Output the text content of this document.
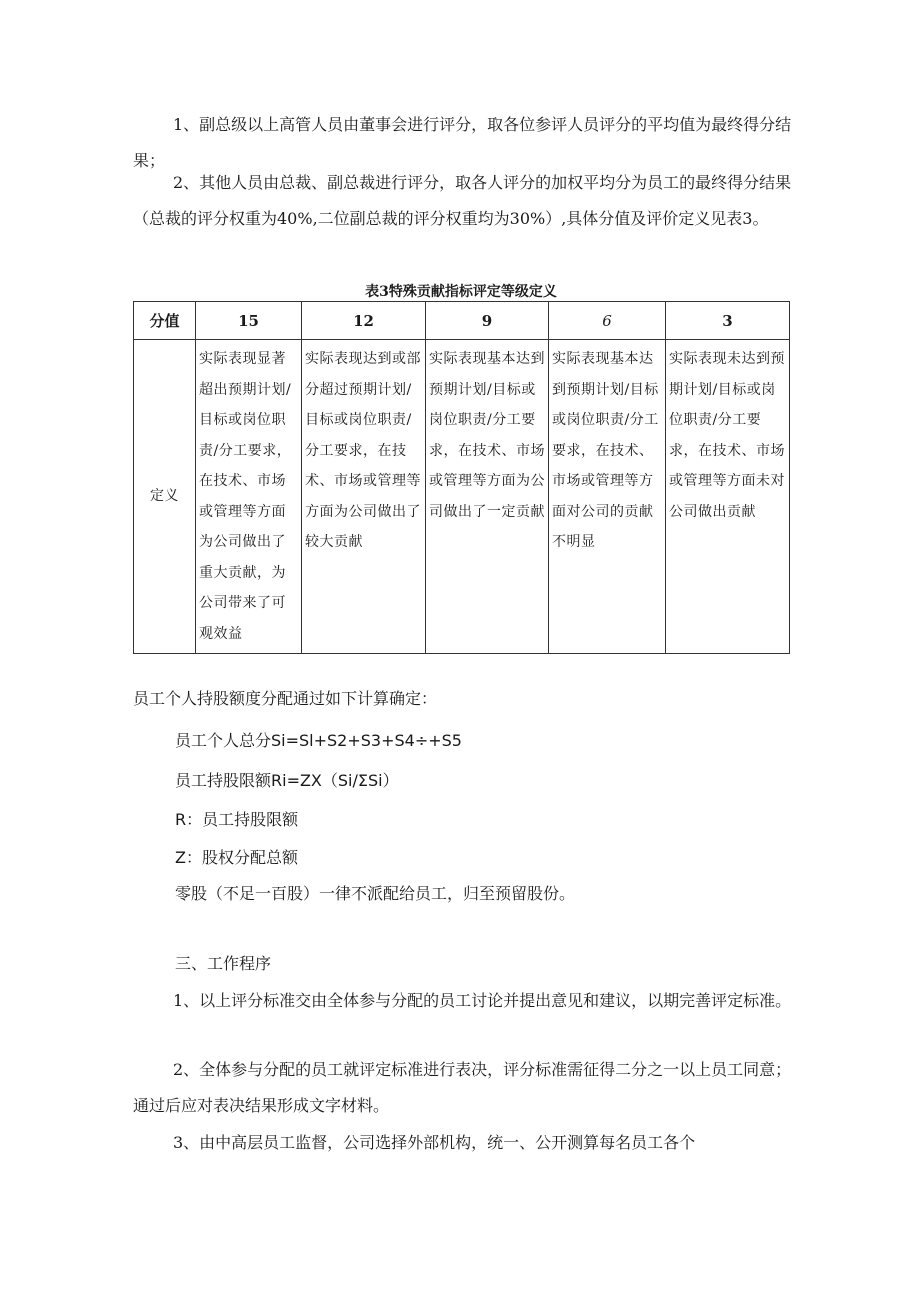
1、副总级以上高管人员由董事会进行评分，取各位参评人员评分的平均值为最终得分结果；

2、其他人员由总裁、副总裁进行评分，取各人评分的加权平均分为员工的最终得分结果（总裁的评分权重为40%,二位副总裁的评分权重均为30%）,具体分值及评价定义见表3。

表3特殊贡献指标评定等级定义

分值	15	12	9	6	3
定义	实际表现显著超出预期计划/目标或岗位职责/分工要求，在技术、市场或管理等方面为公司做出了重大贡献，为公司带来了可观效益	实际表现达到或部分超过预期计划/目标或岗位职责/分工要求，在技术、市场或管理等方面为公司做出了较大贡献	实际表现基本达到预期计划/目标或岗位职责/分工要求，在技术、市场或管理等方面为公司做出了一定贡献	实际表现基本达到预期计划/目标或岗位职责/分工要求，在技术、市场或管理等方面对公司的贡献不明显	实际表现未达到预期计划/目标或岗位职责/分工要求，在技术、市场或管理等方面未对公司做出贡献

员工个人持股额度分配通过如下计算确定：

员工个人总分Si=Sl+S2+S3+S4÷+S5

员工持股限额Ri=ZX（Si∕ΣSi）

R：员工持股限额

Z：股权分配总额

零股（不足一百股）一律不派配给员工，归至预留股份。

三、工作程序

1、以上评分标准交由全体参与分配的员工讨论并提出意见和建议，以期完善评定标准。

2、全体参与分配的员工就评定标准进行表决，评分标准需征得二分之一以上员工同意；通过后应对表决结果形成文字材料。

3、由中高层员工监督，公司选择外部机构，统一、公开测算每名员工各个
